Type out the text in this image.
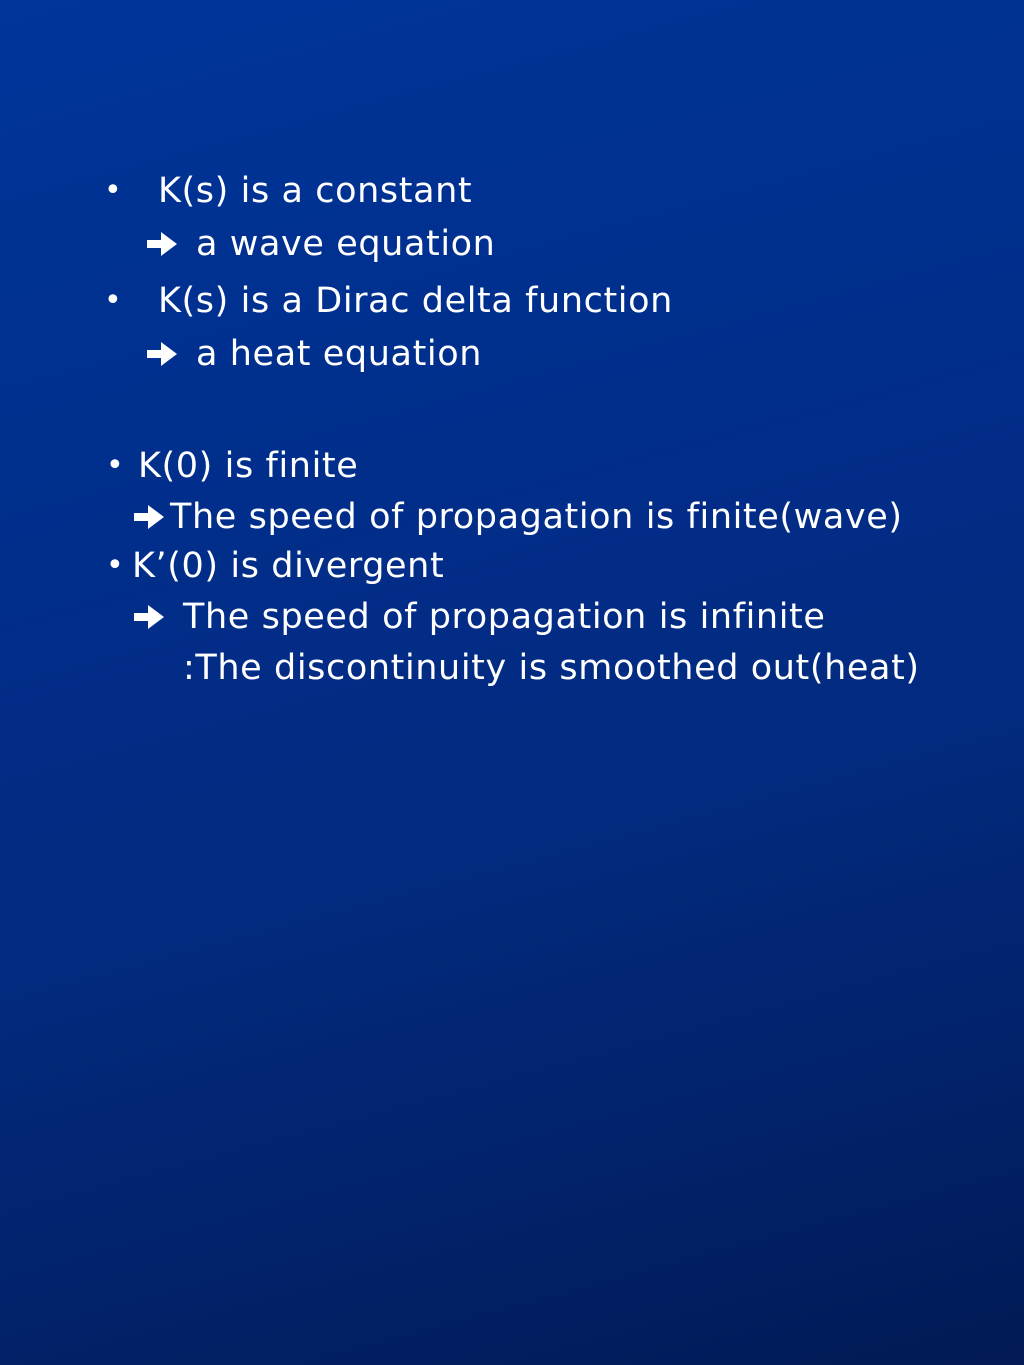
• K(s) is a constant
a wave equation
• K(s) is a Dirac delta function
a heat equation
• K(0) is finite
The speed of propagation is finite(wave)
• K’(0) is divergent
The speed of propagation is infinite
:The discontinuity is smoothed out(heat)
